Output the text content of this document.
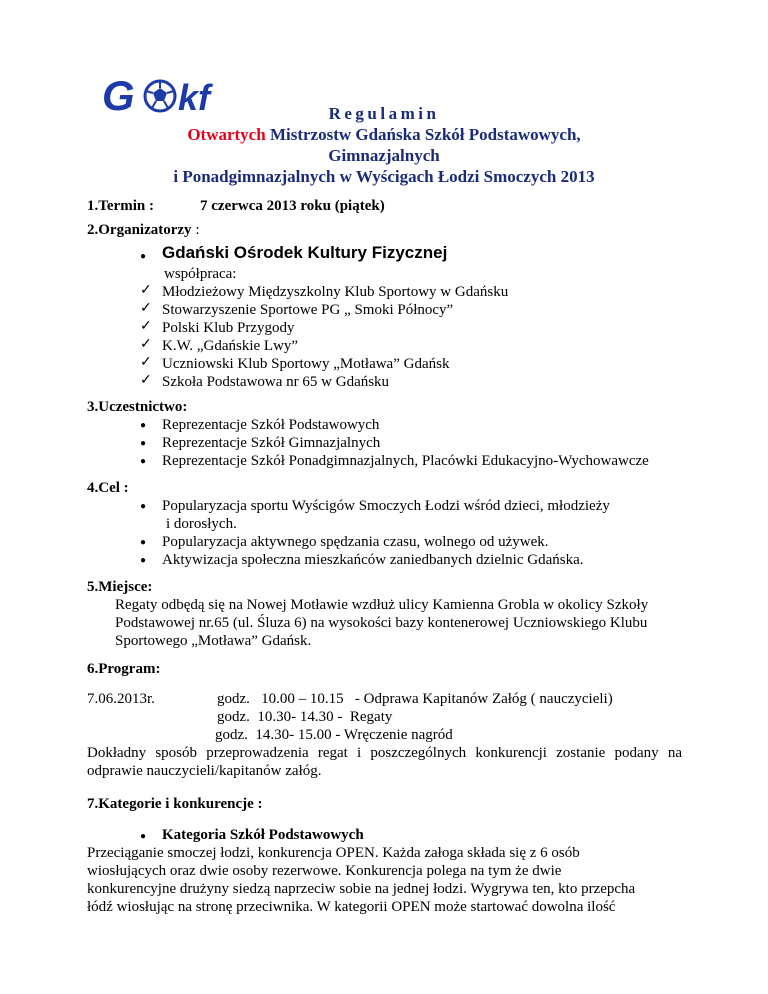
G kf	Regulamin
Otwartych Mistrzostw Gdańska Szkół Podstawowych,
Gimnazjalnych
i Ponadgimnazjalnych w Wyścigach Łodzi Smoczych 2013
1.Termin :	7 czerwca 2013 roku (piątek)
2.Organizatorzy :
● Gdański Ośrodek Kultury Fizycznej
współpraca:
✓ Młodzieżowy Międzyszkolny Klub Sportowy w Gdańsku
✓ Stowarzyszenie Sportowe PG „ Smoki Północy”
✓ Polski Klub Przygody
✓ K.W. „Gdańskie Lwy”
✓ Uczniowski Klub Sportowy „Motława” Gdańsk
✓ Szkoła Podstawowa nr 65 w Gdańsku
3.Uczestnictwo:
● Reprezentacje Szkół Podstawowych
● Reprezentacje Szkół Gimnazjalnych
● Reprezentacje Szkół Ponadgimnazjalnych, Placówki Edukacyjno-Wychowawcze
4.Cel :
● Popularyzacja sportu Wyścigów Smoczych Łodzi wśród dzieci, młodzieży
i dorosłych.
● Popularyzacja aktywnego spędzania czasu, wolnego od używek.
● Aktywizacja społeczna mieszkańców zaniedbanych dzielnic Gdańska.
5.Miejsce:
Regaty odbędą się na Nowej Motławie wzdłuż ulicy Kamienna Grobla w okolicy Szkoły
Podstawowej nr.65 (ul. Śluza 6) na wysokości bazy kontenerowej Uczniowskiego Klubu
Sportowego „Motława” Gdańsk.
6.Program:
7.06.2013r.	godz.   10.00 – 10.15   - Odprawa Kapitanów Załóg ( nauczycieli)
godz.  10.30- 14.30 -  Regaty
godz.  14.30- 15.00 - Wręczenie nagród
Dokładny sposób przeprowadzenia regat i poszczególnych konkurencji zostanie podany na
odprawie nauczycieli/kapitanów załóg.
7.Kategorie i konkurencje :
● Kategoria Szkół Podstawowych
Przeciąganie smoczej łodzi, konkurencja OPEN. Każda załoga składa się z 6 osób
wiosłujących oraz dwie osoby rezerwowe. Konkurencja polega na tym że dwie
konkurencyjne drużyny siedzą naprzeciw sobie na jednej łodzi. Wygrywa ten, kto przepcha
łódź wiosłując na stronę przeciwnika. W kategorii OPEN może startować dowolna ilość
